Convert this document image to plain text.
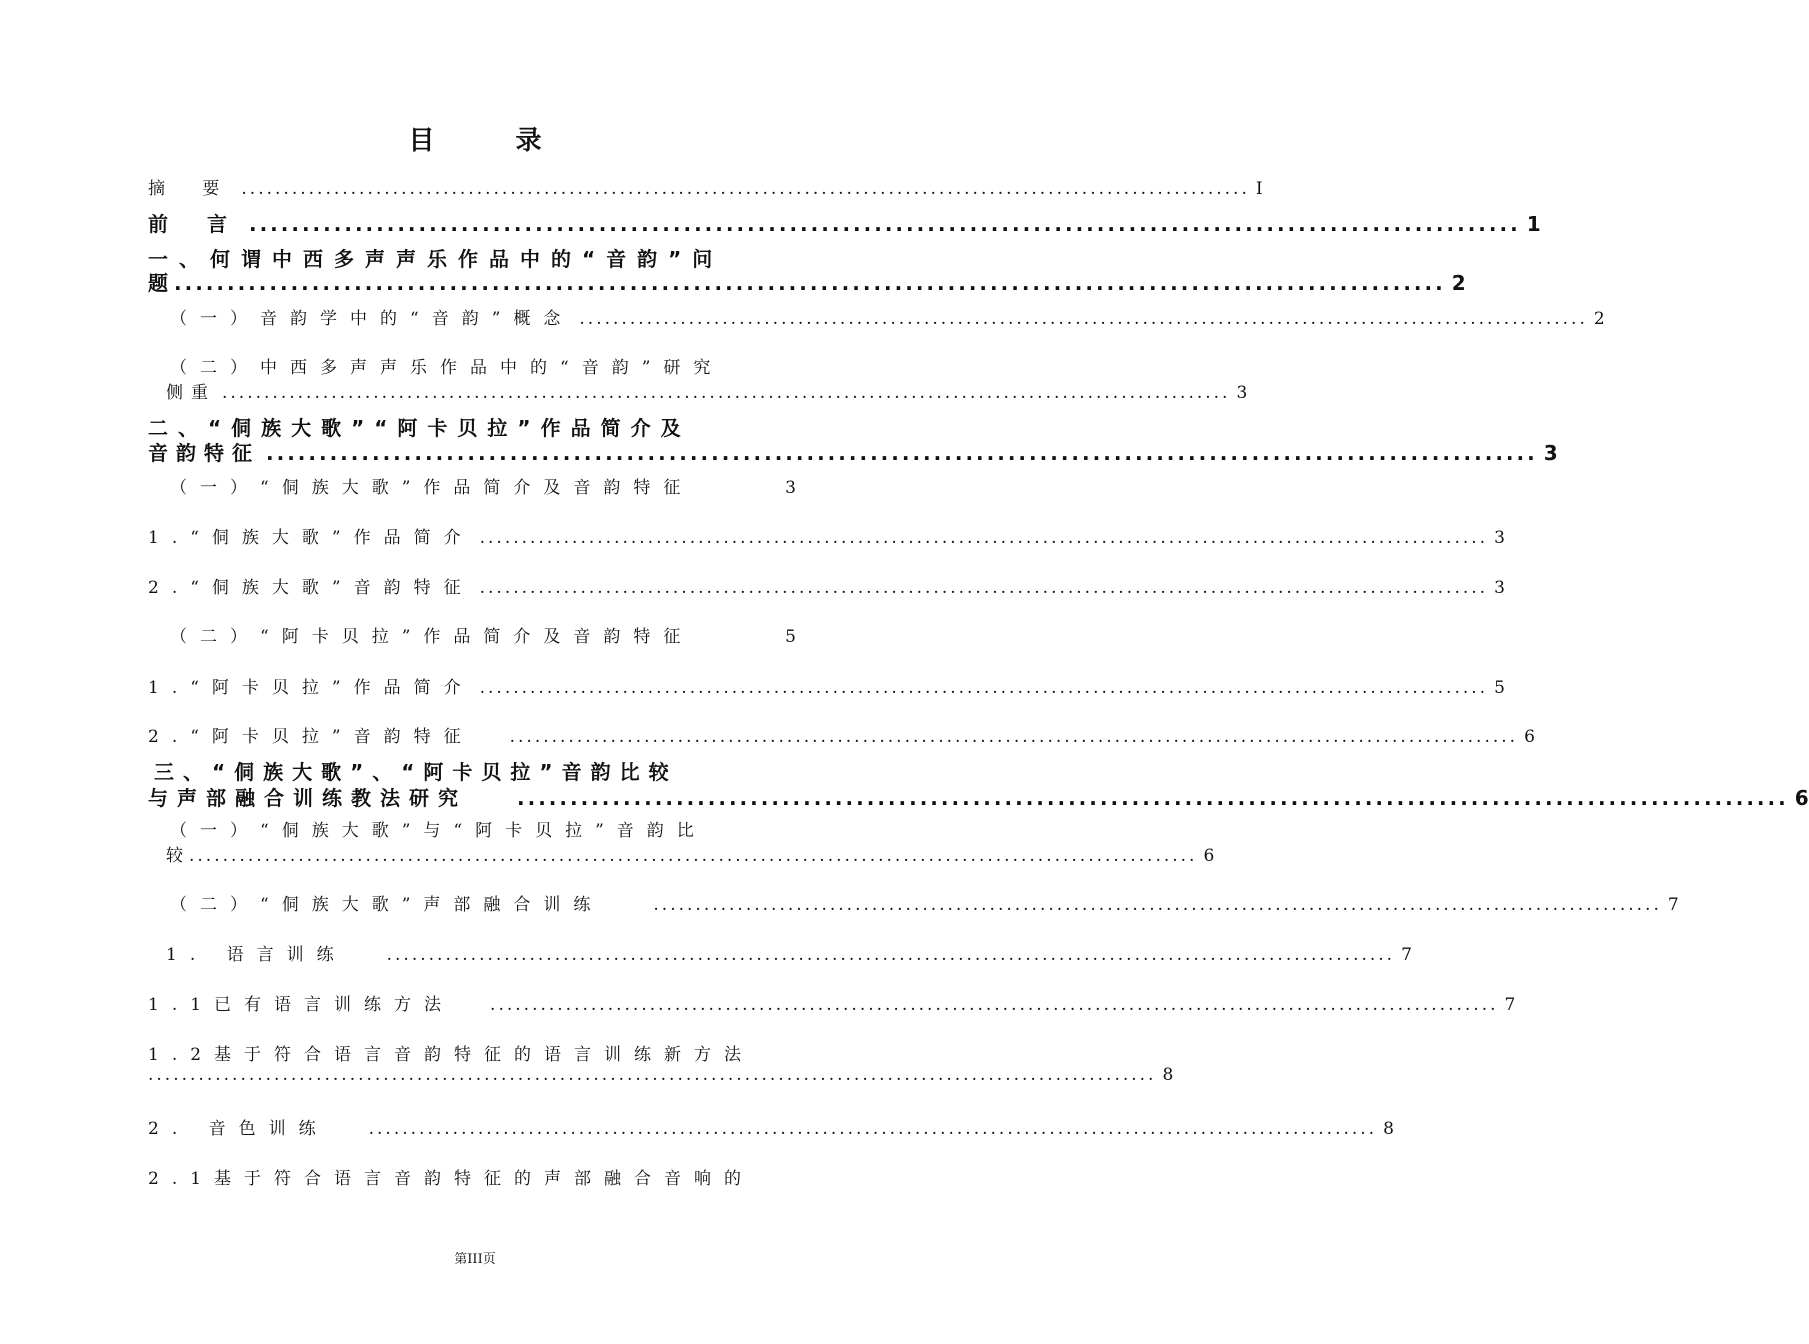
目 录
摘 要 ........................................................................................................................ Ⅰ
前 言 ........................................................................................................................ 1
一、何谓中西多声声乐作品中的“音韵”问
题 ........................................................................................................................ 2
（一）音韵学中的“音韵”概念 ........................................................................................................................ 2
（二）中西多声声乐作品中的“音韵”研究
侧重 ........................................................................................................................ 3
二、“侗族大歌”“阿卡贝拉”作品简介及
音韵特征 ........................................................................................................................ 3
（一）“侗族大歌”作品简介及音韵特征	3
1.“侗族大歌”作品简介 ........................................................................................................................ 3
2.“侗族大歌”音韵特征 ........................................................................................................................ 3
（二）“阿卡贝拉”作品简介及音韵特征	5
1.“阿卡贝拉”作品简介 ........................................................................................................................ 5
2.“阿卡贝拉”音韵特征 ........................................................................................................................ 6
三、“侗族大歌”、“阿卡贝拉”音韵比较
与声部融合训练教法研究	........................................................................................................................ 6
（一）“侗族大歌”与“阿卡贝拉”音韵比
较 ........................................................................................................................ 6
（二）“侗族大歌”声部融合训练	........................................................................................................................ 7
1. 语言训练 ........................................................................................................................ 7
1.1已有语言训练方法 ........................................................................................................................ 7
1.2基于符合语言音韵特征的语言训练新方法
........................................................................................................................ 8
2. 音色训练 ........................................................................................................................ 8
2.1基于符合语言音韵特征的声部融合音响的
第III页
